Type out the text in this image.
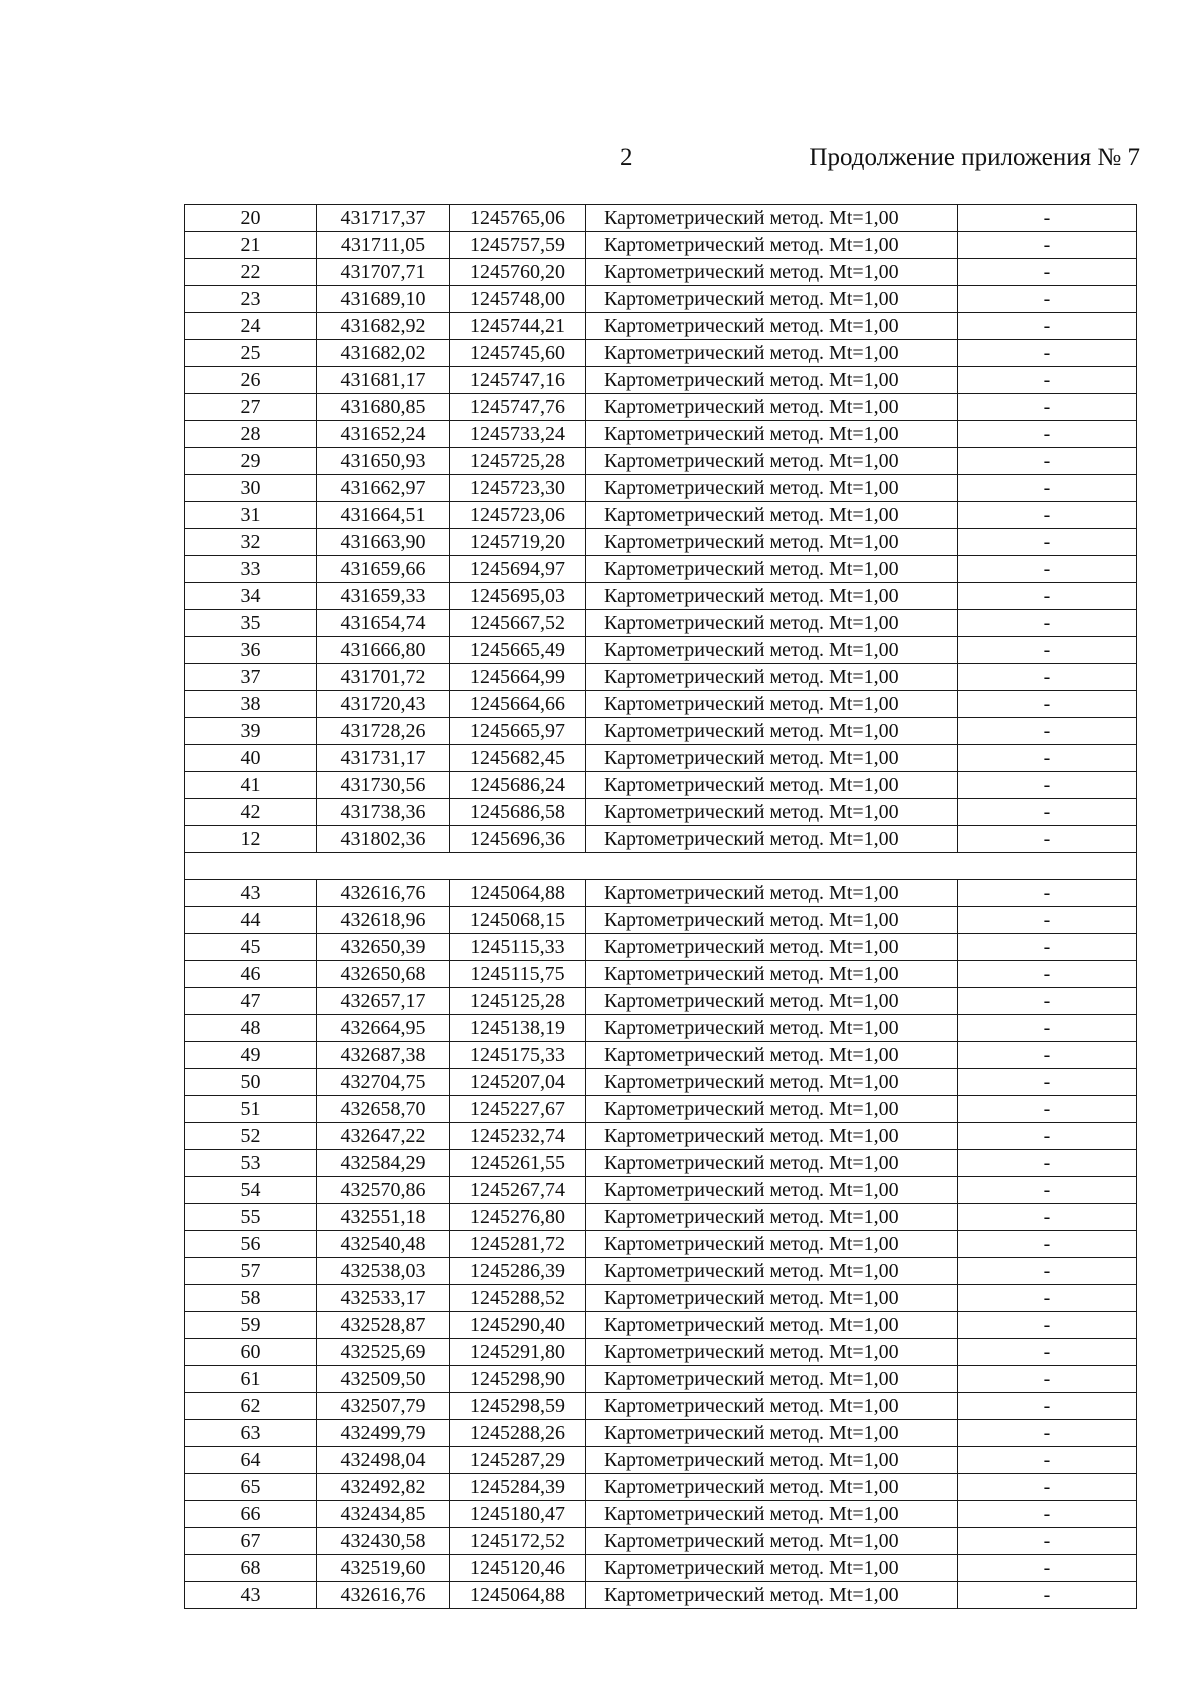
2	Продолжение приложения № 7
20	431717,37	1245765,06	Картометрический метод. Mt=1,00	-
21	431711,05	1245757,59	Картометрический метод. Mt=1,00	-
22	431707,71	1245760,20	Картометрический метод. Mt=1,00	-
23	431689,10	1245748,00	Картометрический метод. Mt=1,00	-
24	431682,92	1245744,21	Картометрический метод. Mt=1,00	-
25	431682,02	1245745,60	Картометрический метод. Mt=1,00	-
26	431681,17	1245747,16	Картометрический метод. Mt=1,00	-
27	431680,85	1245747,76	Картометрический метод. Mt=1,00	-
28	431652,24	1245733,24	Картометрический метод. Mt=1,00	-
29	431650,93	1245725,28	Картометрический метод. Mt=1,00	-
30	431662,97	1245723,30	Картометрический метод. Mt=1,00	-
31	431664,51	1245723,06	Картометрический метод. Mt=1,00	-
32	431663,90	1245719,20	Картометрический метод. Mt=1,00	-
33	431659,66	1245694,97	Картометрический метод. Mt=1,00	-
34	431659,33	1245695,03	Картометрический метод. Mt=1,00	-
35	431654,74	1245667,52	Картометрический метод. Mt=1,00	-
36	431666,80	1245665,49	Картометрический метод. Mt=1,00	-
37	431701,72	1245664,99	Картометрический метод. Mt=1,00	-
38	431720,43	1245664,66	Картометрический метод. Mt=1,00	-
39	431728,26	1245665,97	Картометрический метод. Mt=1,00	-
40	431731,17	1245682,45	Картометрический метод. Mt=1,00	-
41	431730,56	1245686,24	Картометрический метод. Mt=1,00	-
42	431738,36	1245686,58	Картометрический метод. Mt=1,00	-
12	431802,36	1245696,36	Картометрический метод. Mt=1,00	-

43	432616,76	1245064,88	Картометрический метод. Mt=1,00	-
44	432618,96	1245068,15	Картометрический метод. Mt=1,00	-
45	432650,39	1245115,33	Картометрический метод. Mt=1,00	-
46	432650,68	1245115,75	Картометрический метод. Mt=1,00	-
47	432657,17	1245125,28	Картометрический метод. Mt=1,00	-
48	432664,95	1245138,19	Картометрический метод. Mt=1,00	-
49	432687,38	1245175,33	Картометрический метод. Mt=1,00	-
50	432704,75	1245207,04	Картометрический метод. Mt=1,00	-
51	432658,70	1245227,67	Картометрический метод. Mt=1,00	-
52	432647,22	1245232,74	Картометрический метод. Mt=1,00	-
53	432584,29	1245261,55	Картометрический метод. Mt=1,00	-
54	432570,86	1245267,74	Картометрический метод. Mt=1,00	-
55	432551,18	1245276,80	Картометрический метод. Mt=1,00	-
56	432540,48	1245281,72	Картометрический метод. Mt=1,00	-
57	432538,03	1245286,39	Картометрический метод. Mt=1,00	-
58	432533,17	1245288,52	Картометрический метод. Mt=1,00	-
59	432528,87	1245290,40	Картометрический метод. Mt=1,00	-
60	432525,69	1245291,80	Картометрический метод. Mt=1,00	-
61	432509,50	1245298,90	Картометрический метод. Mt=1,00	-
62	432507,79	1245298,59	Картометрический метод. Mt=1,00	-
63	432499,79	1245288,26	Картометрический метод. Mt=1,00	-
64	432498,04	1245287,29	Картометрический метод. Mt=1,00	-
65	432492,82	1245284,39	Картометрический метод. Mt=1,00	-
66	432434,85	1245180,47	Картометрический метод. Mt=1,00	-
67	432430,58	1245172,52	Картометрический метод. Mt=1,00	-
68	432519,60	1245120,46	Картометрический метод. Mt=1,00	-
43	432616,76	1245064,88	Картометрический метод. Mt=1,00	-
